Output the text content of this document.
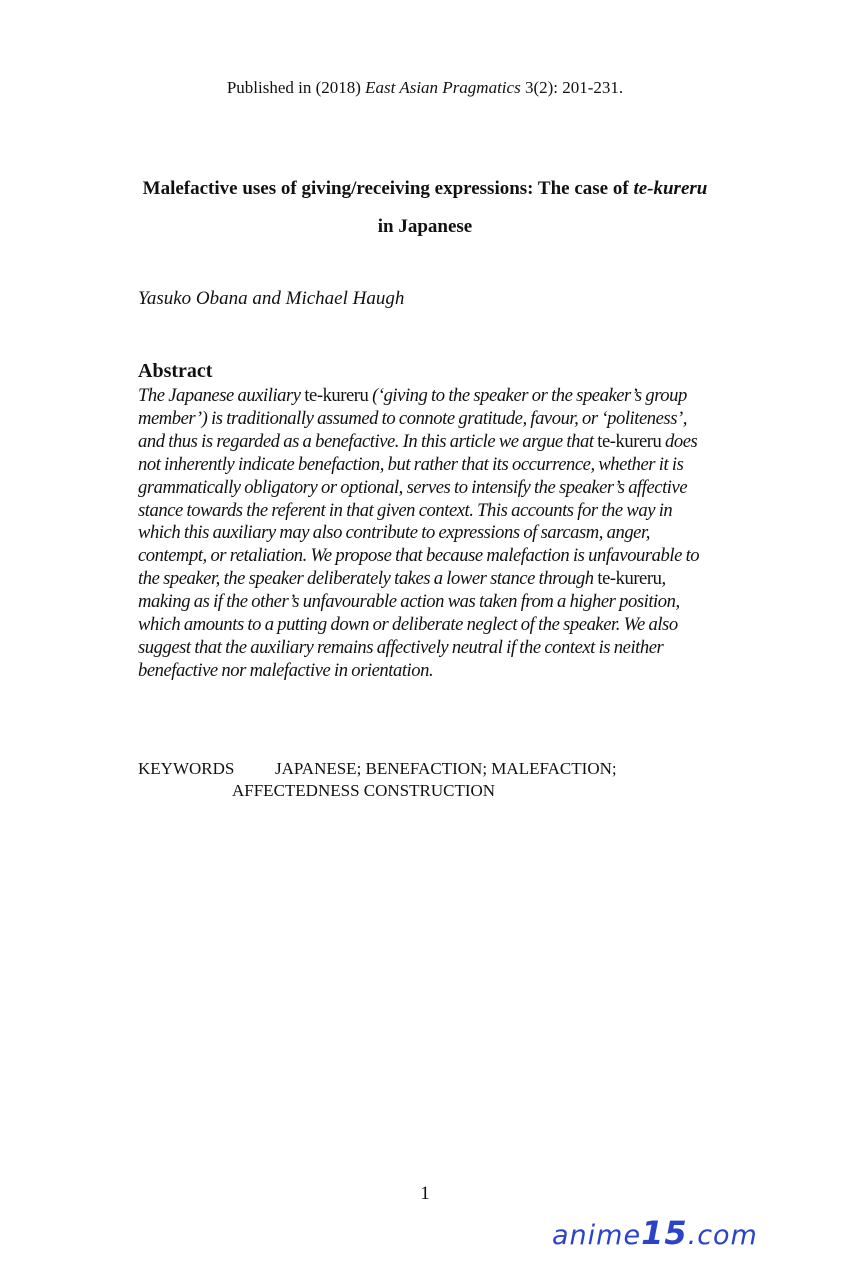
Published in (2018) East Asian Pragmatics 3(2): 201-231.
Malefactive uses of giving/receiving expressions: The case of te-kureru in Japanese
Yasuko Obana and Michael Haugh
Abstract
The Japanese auxiliary te-kureru (‘giving to the speaker or the speaker’s group member’) is traditionally assumed to connote gratitude, favour, or ‘politeness’, and thus is regarded as a benefactive. In this article we argue that te-kureru does not inherently indicate benefaction, but rather that its occurrence, whether it is grammatically obligatory or optional, serves to intensify the speaker’s affective stance towards the referent in that given context. This accounts for the way in which this auxiliary may also contribute to expressions of sarcasm, anger, contempt, or retaliation. We propose that because malefaction is unfavourable to the speaker, the speaker deliberately takes a lower stance through te-kureru, making as if the other’s unfavourable action was taken from a higher position, which amounts to a putting down or deliberate neglect of the speaker. We also suggest that the auxiliary remains affectively neutral if the context is neither benefactive nor malefactive in orientation.
KEYWORDS JAPANESE; BENEFACTION; MALEFACTION;
AFFECTEDNESS CONSTRUCTION
1
anime15.com
